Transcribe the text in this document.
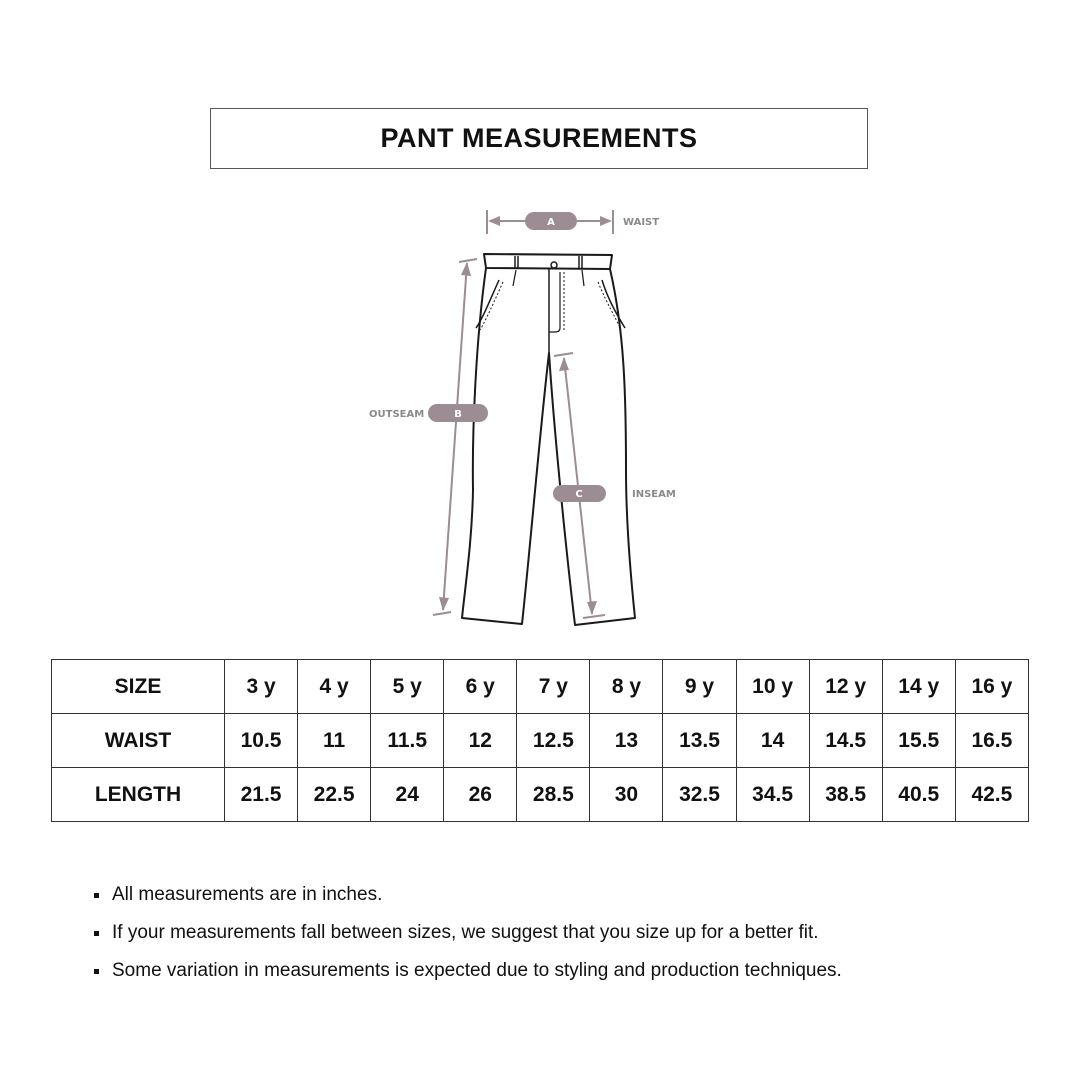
PANT MEASUREMENTS
A	WAIST
B
OUTSEAM
C	INSEAM
SIZE	3 y	4 y	5 y	6 y	7 y	8 y	9 y	10 y	12 y	14 y	16 y
WAIST	10.5	11	11.5	12	12.5	13	13.5	14	14.5	15.5	16.5
LENGTH	21.5	22.5	24	26	28.5	30	32.5	34.5	38.5	40.5	42.5
All measurements are in inches.
If your measurements fall between sizes, we suggest that you size up for a better fit.
Some variation in measurements is expected due to styling and production techniques.
